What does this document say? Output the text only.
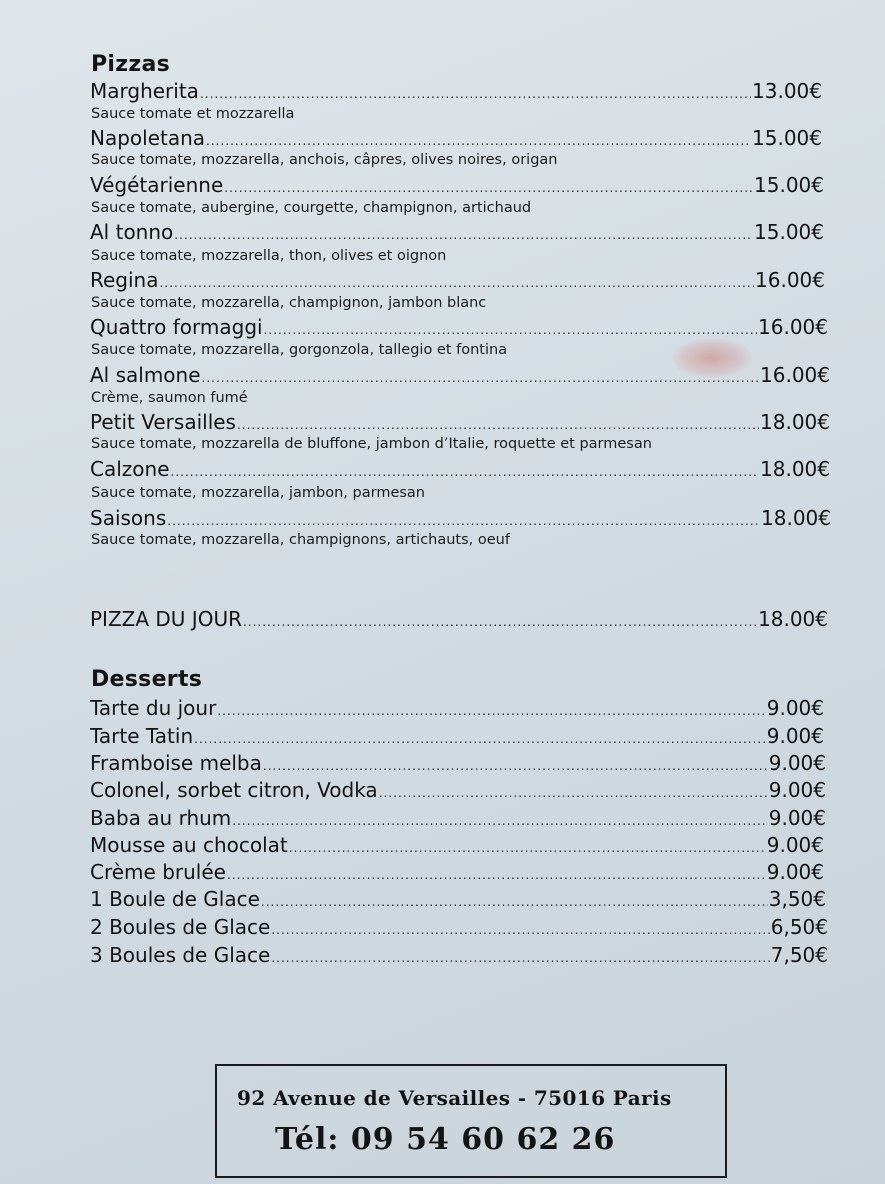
Pizzas
Margherita .....	13.00€
Sauce tomate et mozzarella
Napoletana .....	15.00€
Sauce tomate, mozzarella, anchois, câpres, olives noires, origan
Végétarienne .....	15.00€
Sauce tomate, aubergine, courgette, champignon, artichaud
Al tonno .....	15.00€
Sauce tomate, mozzarella, thon, olives et oignon
Regina .....	16.00€
Sauce tomate, mozzarella, champignon, jambon blanc
Quattro formaggi .....	16.00€
Sauce tomate, mozzarella, gorgonzola, tallegio et fontina
Al salmone .....	16.00€
Crème, saumon fumé
Petit Versailles .....	18.00€
Sauce tomate, mozzarella de bluffone, jambon d’Italie, roquette et parmesan
Calzone .....	18.00€
Sauce tomate, mozzarella, jambon, parmesan
Saisons .....	18.00€
Sauce tomate, mozzarella, champignons, artichauts, oeuf
PIZZA DU JOUR .....	18.00€
Desserts
Tarte du jour .....	9.00€
Tarte Tatin .....	9.00€
Framboise melba .....	9.00€
Colonel, sorbet citron, Vodka .....	9.00€
Baba au rhum .....	9.00€
Mousse au chocolat .....	9.00€
Crème brulée .....	9.00€
1 Boule de Glace .....	3,50€
2 Boules de Glace .....	6,50€
3 Boules de Glace .....	7,50€
92 Avenue de Versailles - 75016 Paris
Tél: 09 54 60 62 26
